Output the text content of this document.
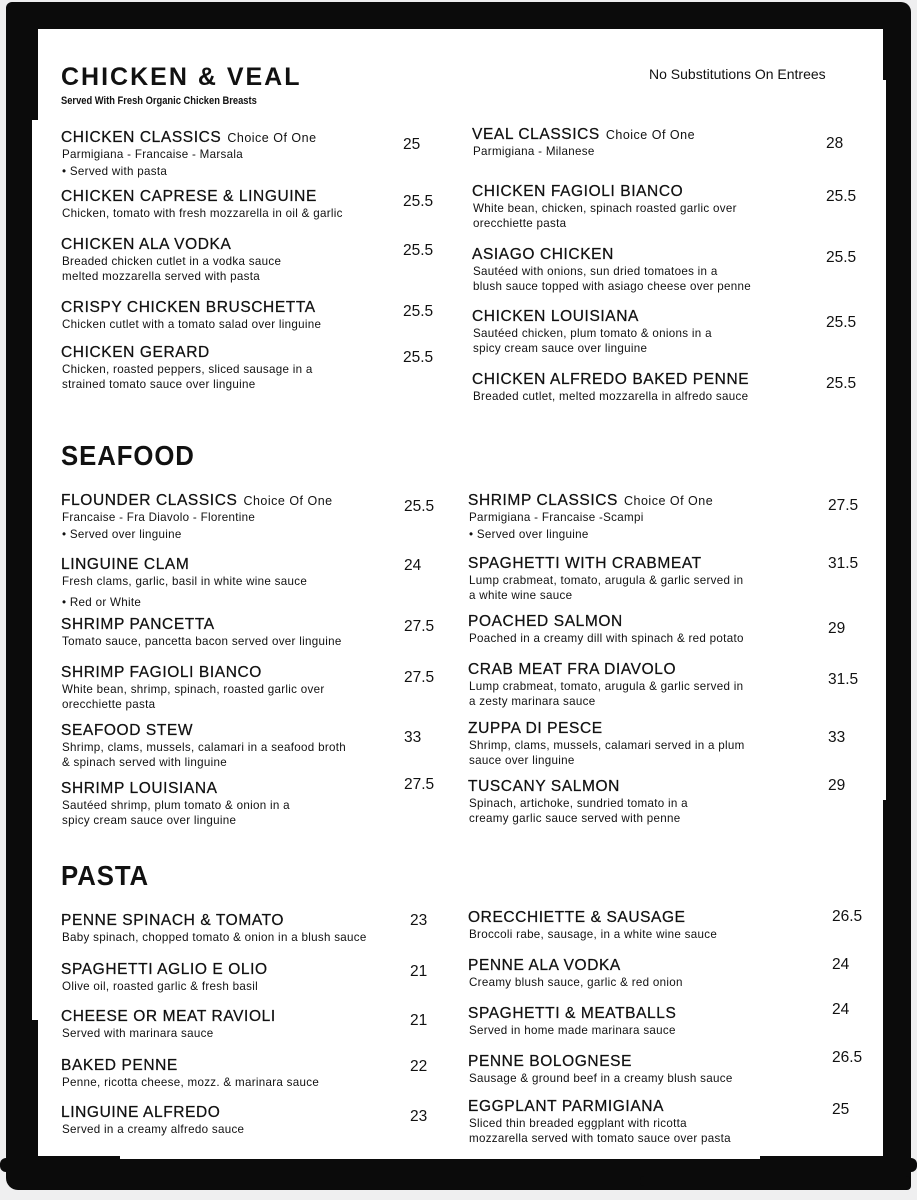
CHICKEN & VEAL
Served With Fresh Organic Chicken Breasts
No Substitutions On Entrees
SEAFOOD
PASTA
CHICKEN CLASSICS Choice Of One
Parmigiana - Francaise - Marsala
• Served with pasta
25
CHICKEN CAPRESE & LINGUINE
Chicken, tomato with fresh mozzarella in oil & garlic
25.5
CHICKEN ALA VODKA
Breaded chicken cutlet in a vodka sauce
melted mozzarella served with pasta
25.5
CRISPY CHICKEN BRUSCHETTA
Chicken cutlet with a tomato salad over linguine
25.5
CHICKEN GERARD
Chicken, roasted peppers, sliced sausage in a
strained tomato sauce over linguine
25.5
VEAL CLASSICS Choice Of One
Parmigiana - Milanese	28
CHICKEN FAGIOLI BIANCO
White bean, chicken, spinach roasted garlic over
orecchiette pasta
25.5
ASIAGO CHICKEN
Sautéed with onions, sun dried tomatoes in a
blush sauce topped with asiago cheese over penne
25.5
CHICKEN LOUISIANA
Sautéed chicken, plum tomato & onions in a
spicy cream sauce over linguine
25.5
CHICKEN ALFREDO BAKED PENNE
Breaded cutlet, melted mozzarella in alfredo sauce
25.5
FLOUNDER CLASSICS Choice Of One
Francaise - Fra Diavolo - Florentine
• Served over linguine
25.5
LINGUINE CLAM
Fresh clams, garlic, basil in white wine sauce
• Red or White
24
SHRIMP PANCETTA
Tomato sauce, pancetta bacon served over linguine
27.5
SHRIMP FAGIOLI BIANCO
White bean, shrimp, spinach, roasted garlic over
orecchiette pasta
27.5
SEAFOOD STEW
Shrimp, clams, mussels, calamari in a seafood broth
& spinach served with linguine
33
SHRIMP LOUISIANA
Sautéed shrimp, plum tomato & onion in a
spicy cream sauce over linguine
27.5
SHRIMP CLASSICS Choice Of One
Parmigiana - Francaise -Scampi
• Served over linguine
27.5
SPAGHETTI WITH CRABMEAT
Lump crabmeat, tomato, arugula & garlic served in
a white wine sauce
31.5
POACHED SALMON
Poached in a creamy dill with spinach & red potato
29
CRAB MEAT FRA DIAVOLO
Lump crabmeat, tomato, arugula & garlic served in
a zesty marinara sauce
31.5
ZUPPA DI PESCE
Shrimp, clams, mussels, calamari served in a plum
sauce over linguine
33
TUSCANY SALMON
Spinach, artichoke, sundried tomato in a
creamy garlic sauce served with penne
29
PENNE SPINACH & TOMATO
Baby spinach, chopped tomato & onion in a blush sauce
23
SPAGHETTI AGLIO E OLIO
Olive oil, roasted garlic & fresh basil
21
CHEESE OR MEAT RAVIOLI
Served with marinara sauce
21
BAKED PENNE
Penne, ricotta cheese, mozz. & marinara sauce
22
LINGUINE ALFREDO
Served in a creamy alfredo sauce
23
ORECCHIETTE & SAUSAGE
Broccoli rabe, sausage, in a white wine sauce
26.5
PENNE ALA VODKA
Creamy blush sauce, garlic & red onion
24
SPAGHETTI & MEATBALLS
Served in home made marinara sauce
24
PENNE BOLOGNESE
Sausage & ground beef in a creamy blush sauce
26.5
EGGPLANT PARMIGIANA
Sliced thin breaded eggplant with ricotta
mozzarella served with tomato sauce over pasta
25
